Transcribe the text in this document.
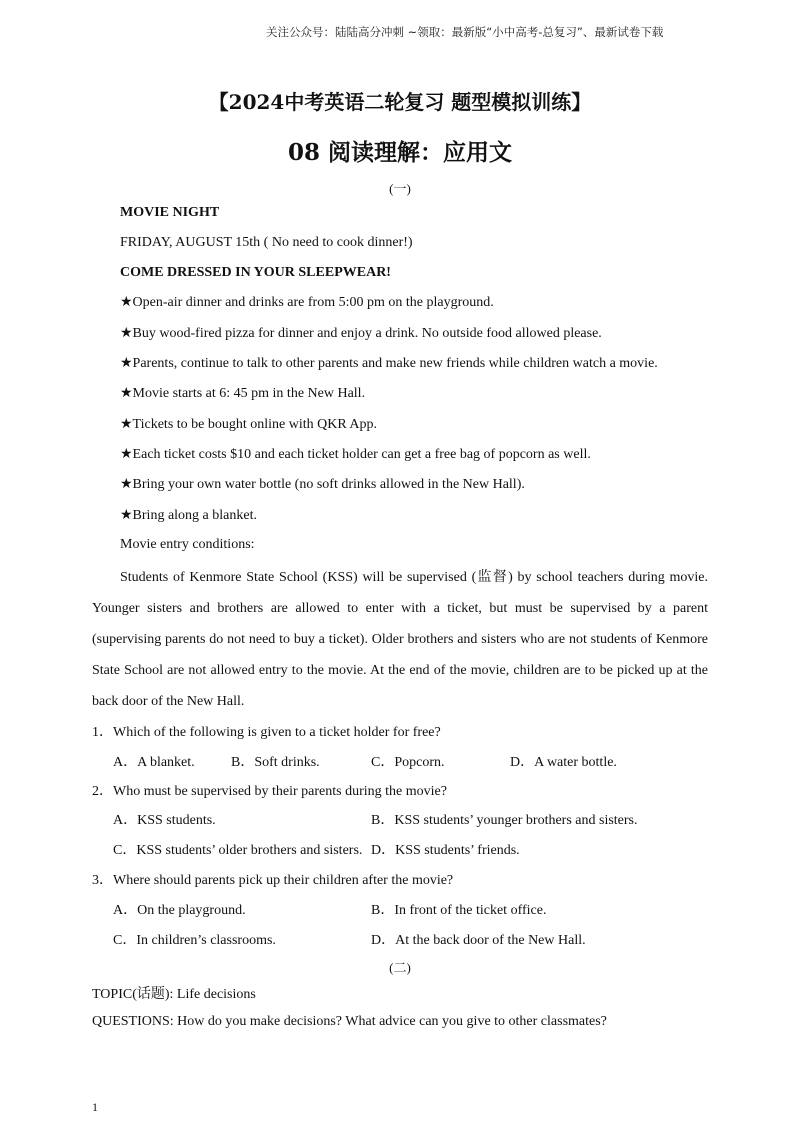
关注公众号：陆陆高分冲刺 ~领取：最新版“小中高考-总复习”、最新试卷下载
【2024中考英语二轮复习 题型模拟训练】
08 阅读理解：应用文
(一)
MOVIE NIGHT
FRIDAY, AUGUST 15th ( No need to cook dinner!)
COME DRESSED IN YOUR SLEEPWEAR!
★Open-air dinner and drinks are from 5:00 pm on the playground.
★Buy wood-fired pizza for dinner and enjoy a drink. No outside food allowed please.
★Parents, continue to talk to other parents and make new friends while children watch a movie.
★Movie starts at 6: 45 pm in the New Hall.
★Tickets to be bought online with QKR App.
★Each ticket costs $10 and each ticket holder can get a free bag of popcorn as well.
★Bring your own water bottle (no soft drinks allowed in the New Hall).
★Bring along a blanket.
Movie entry conditions:

Students of Kenmore State School (KSS) will be supervised (监督) by school teachers during movie. Younger sisters and brothers are allowed to enter with a ticket, but must be supervised by a parent (supervising parents do not need to buy a ticket). Older brothers and sisters who are not students of Kenmore State School are not allowed entry to the movie. At the end of the movie, children are to be picked up at the back door of the New Hall.

1．Which of the following is given to a ticket holder for free?
A．A blanket.	B．Soft drinks.	C．Popcorn.	D．A water bottle.
2．Who must be supervised by their parents during the movie?
A．KSS students.	B．KSS students’ younger brothers and sisters.
C．KSS students’ older brothers and sisters. D．KSS students’ friends.
3．Where should parents pick up their children after the movie?
A．On the playground.	B．In front of the ticket office.
C．In children’s classrooms.	D．At the back door of the New Hall.
(二)
TOPIC(话题): Life decisions
QUESTIONS: How do you make decisions? What advice can you give to other classmates?
1
